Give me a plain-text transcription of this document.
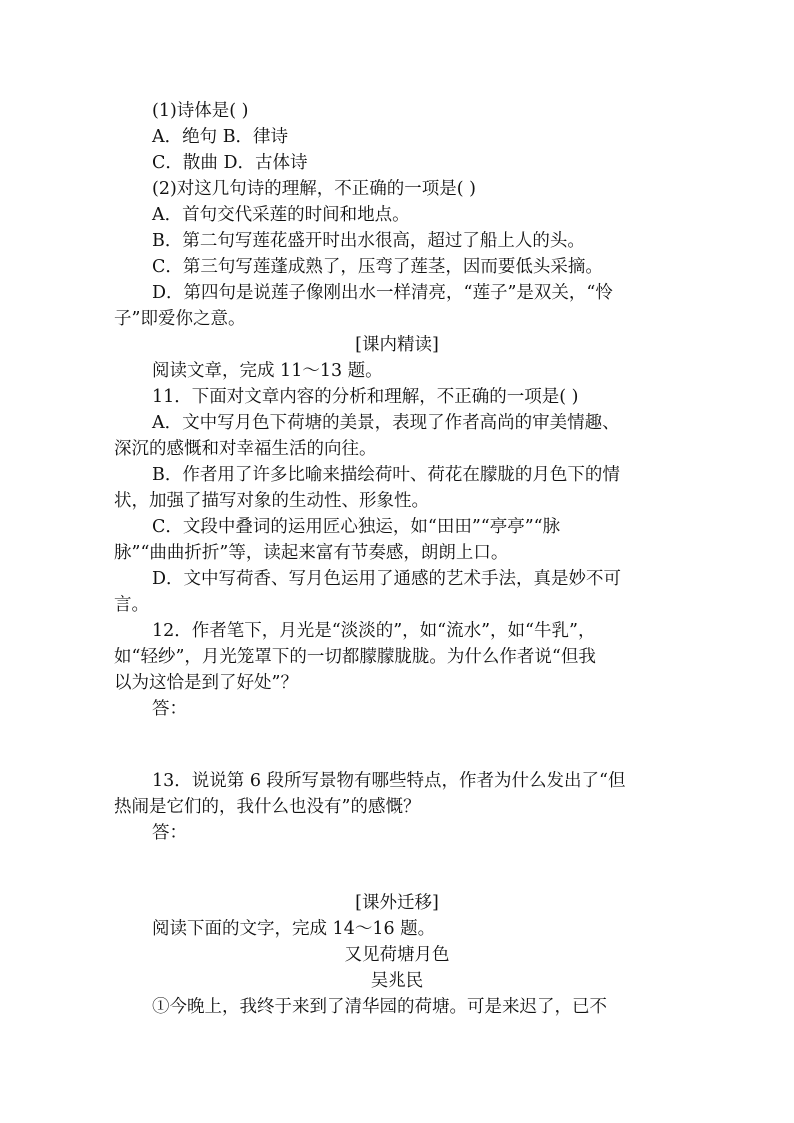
(1)诗体是( )
A．绝句 B．律诗
C．散曲 D．古体诗
(2)对这几句诗的理解，不正确的一项是( )
A．首句交代采莲的时间和地点。
B．第二句写莲花盛开时出水很高，超过了船上人的头。
C．第三句写莲蓬成熟了，压弯了莲茎，因而要低头采摘。
D．第四句是说莲子像刚出水一样清亮，“莲子”是双关，“怜
子”即爱你之意。
[课内精读]
阅读文章，完成 11～13 题。
11．下面对文章内容的分析和理解，不正确的一项是( )
A．文中写月色下荷塘的美景，表现了作者高尚的审美情趣、
深沉的感慨和对幸福生活的向往。
B．作者用了许多比喻来描绘荷叶、荷花在朦胧的月色下的情
状，加强了描写对象的生动性、形象性。
C．文段中叠词的运用匠心独运，如“田田”“亭亭”“脉
脉”“曲曲折折”等，读起来富有节奏感，朗朗上口。
D．文中写荷香、写月色运用了通感的艺术手法，真是妙不可
言。
12．作者笔下，月光是“淡淡的”，如“流水”，如“牛乳”，
如“轻纱”，月光笼罩下的一切都朦朦胧胧。为什么作者说“但我
以为这恰是到了好处”？
答：
13．说说第 6 段所写景物有哪些特点，作者为什么发出了“但
热闹是它们的，我什么也没有”的感慨？
答：
[课外迁移]
阅读下面的文字，完成 14～16 题。
又见荷塘月色
吴兆民
①今晚上，我终于来到了清华园的荷塘。可是来迟了，已不
